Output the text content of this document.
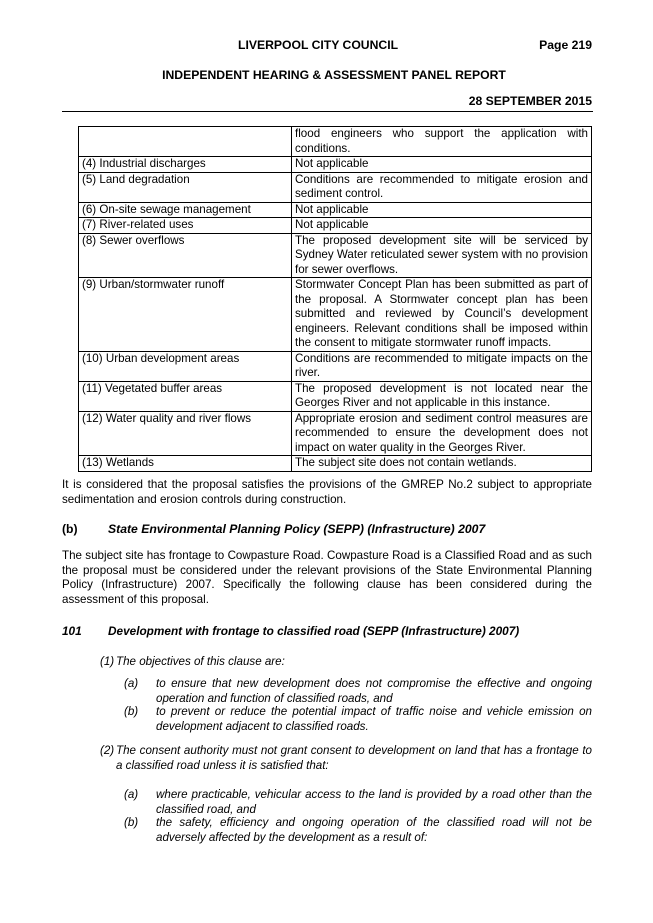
LIVERPOOL CITY COUNCIL	Page 219
INDEPENDENT HEARING & ASSESSMENT PANEL REPORT
28 SEPTEMBER 2015
	flood engineers who support the application with conditions.
(4) Industrial discharges	Not applicable
(5) Land degradation	Conditions are recommended to mitigate erosion and sediment control.
(6) On-site sewage management	Not applicable
(7) River-related uses	Not applicable
(8) Sewer overflows	The proposed development site will be serviced by Sydney Water reticulated sewer system with no provision for sewer overflows.
(9) Urban/stormwater runoff	Stormwater Concept Plan has been submitted as part of the proposal. A Stormwater concept plan has been submitted and reviewed by Council’s development engineers. Relevant conditions shall be imposed within the consent to mitigate stormwater runoff impacts.
(10) Urban development areas	Conditions are recommended to mitigate impacts on the river.
(11) Vegetated buffer areas	The proposed development is not located near the Georges River and not applicable in this instance.
(12) Water quality and river flows	Appropriate erosion and sediment control measures are recommended to ensure the development does not impact on water quality in the Georges River.
(13) Wetlands	The subject site does not contain wetlands.
It is considered that the proposal satisfies the provisions of the GMREP No.2 subject to appropriate sedimentation and erosion controls during construction.
(b) State Environmental Planning Policy (SEPP) (Infrastructure) 2007
The subject site has frontage to Cowpasture Road. Cowpasture Road is a Classified Road and as such the proposal must be considered under the relevant provisions of the State Environmental Planning Policy (Infrastructure) 2007. Specifically the following clause has been considered during the assessment of this proposal.
101 Development with frontage to classified road (SEPP (Infrastructure) 2007)
(1) The objectives of this clause are:
(a)	to ensure that new development does not compromise the effective and ongoing operation and function of classified roads, and
(b)	to prevent or reduce the potential impact of traffic noise and vehicle emission on development adjacent to classified roads.
(2) The consent authority must not grant consent to development on land that has a frontage to a classified road unless it is satisfied that:
(a)	where practicable, vehicular access to the land is provided by a road other than the classified road, and
(b)	the safety, efficiency and ongoing operation of the classified road will not be adversely affected by the development as a result of:
